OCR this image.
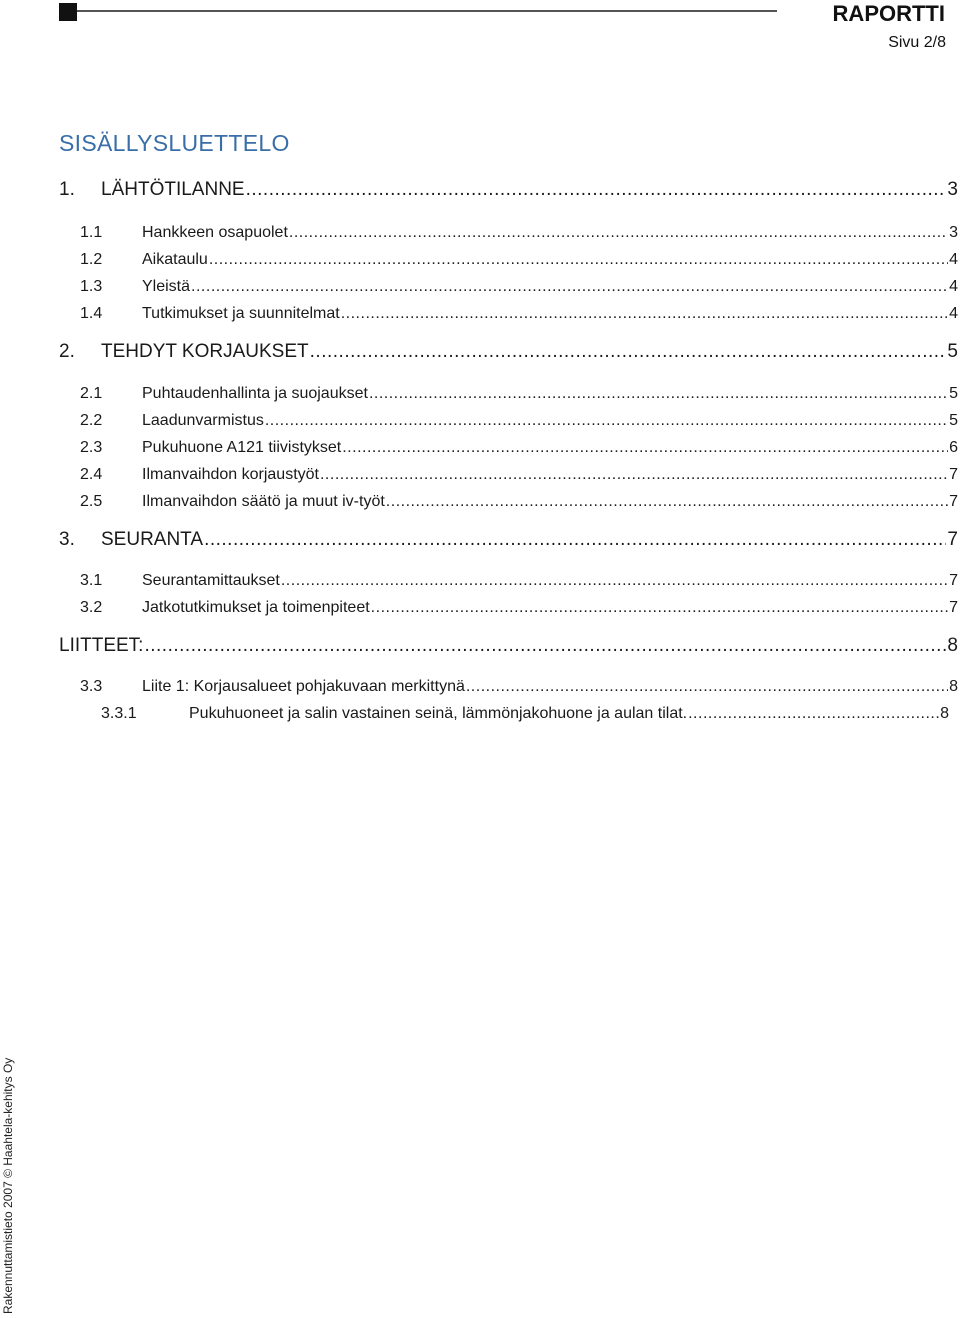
RAPORTTI
Sivu 2/8
SISÄLLYSLUETTELO
1.	LÄHTÖTILANNE .....	3
1.1	Hankkeen osapuolet .....	3
1.2	Aikataulu .....	4
1.3	Yleistä .....	4
1.4	Tutkimukset ja suunnitelmat .....	4
2.	TEHDYT KORJAUKSET .....	5
2.1	Puhtaudenhallinta ja suojaukset .....	5
2.2	Laadunvarmistus .....	5
2.3	Pukuhuone A121 tiivistykset .....	6
2.4	Ilmanvaihdon korjaustyöt .....	7
2.5	Ilmanvaihdon säätö ja muut iv-työt .....	7
3.	SEURANTA .....	7
3.1	Seurantamittaukset .....	7
3.2	Jatkotutkimukset ja toimenpiteet .....	7
LIITTEET: .....	8
3.3	Liite 1: Korjausalueet pohjakuvaan merkittynä .....	8
3.3.1	Pukuhuoneet ja salin vastainen seinä, lämmönjakohuone ja aulan tilat. .....	8
Rakennuttamistieto 2007 © Haahtela-kehitys Oy
